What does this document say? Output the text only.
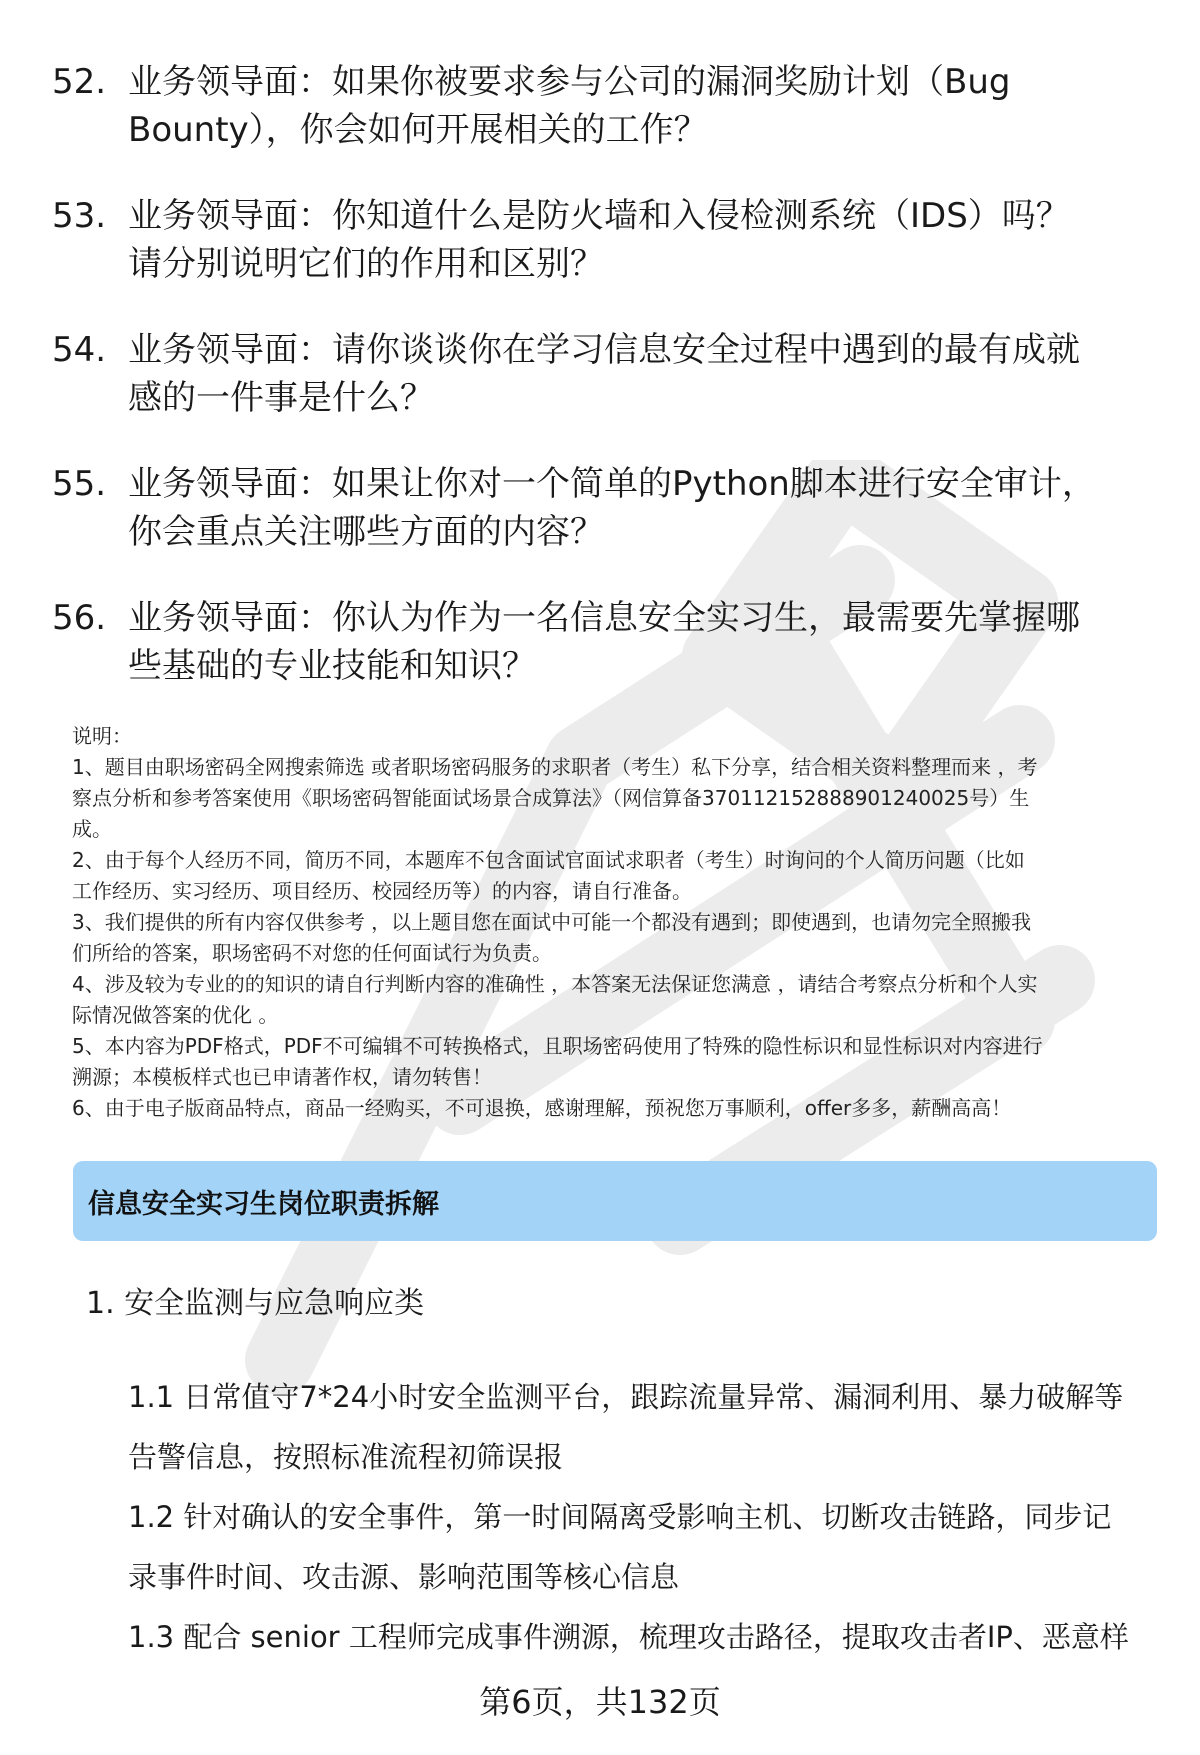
52. 业务领导面：如果你被要求参与公司的漏洞奖励计划（Bug
Bounty），你会如何开展相关的工作？
53. 业务领导面：你知道什么是防火墙和入侵检测系统（IDS）吗？
请分别说明它们的作用和区别？
54. 业务领导面：请你谈谈你在学习信息安全过程中遇到的最有成就
感的一件事是什么？
55. 业务领导面：如果让你对一个简单的Python脚本进行安全审计，
你会重点关注哪些方面的内容？
56. 业务领导面：你认为作为一名信息安全实习生，最需要先掌握哪
些基础的专业技能和知识？

说明：

1、题目由职场密码全网搜索筛选 或者职场密码服务的求职者（考生）私下分享，结合相关资料整理而来 ，考

察点分析和参考答案使用《职场密码智能面试场景合成算法》（网信算备370112152888901240025号）生

成。

2、由于每个人经历不同，简历不同，本题库不包含面试官面试求职者（考生）时询问的个人简历问题（比如

工作经历、实习经历、项目经历、校园经历等）的内容，请自行准备。

3、我们提供的所有内容仅供参考 ，以上题目您在面试中可能一个都没有遇到；即使遇到，也请勿完全照搬我

们所给的答案，职场密码不对您的任何面试行为负责。

4、涉及较为专业的的知识的请自行判断内容的准确性 ，本答案无法保证您满意 ，请结合考察点分析和个人实

际情况做答案的优化 。

5、本内容为PDF格式，PDF不可编辑不可转换格式，且职场密码使用了特殊的隐性标识和显性标识对内容进行

溯源；本模板样式也已申请著作权，请勿转售！

6、由于电子版商品特点，商品一经购买，不可退换，感谢理解，预祝您万事顺利，offer多多，薪酬高高！

信息安全实习生岗位职责拆解
1. 安全监测与应急响应类

1.1 日常值守7*24小时安全监测平台，跟踪流量异常、漏洞利用、暴力破解等

告警信息，按照标准流程初筛误报

1.2 针对确认的安全事件，第一时间隔离受影响主机、切断攻击链路，同步记

录事件时间、攻击源、影响范围等核心信息

1.3 配合 senior 工程师完成事件溯源，梳理攻击路径，提取攻击者IP、恶意样

第6页，共132页
